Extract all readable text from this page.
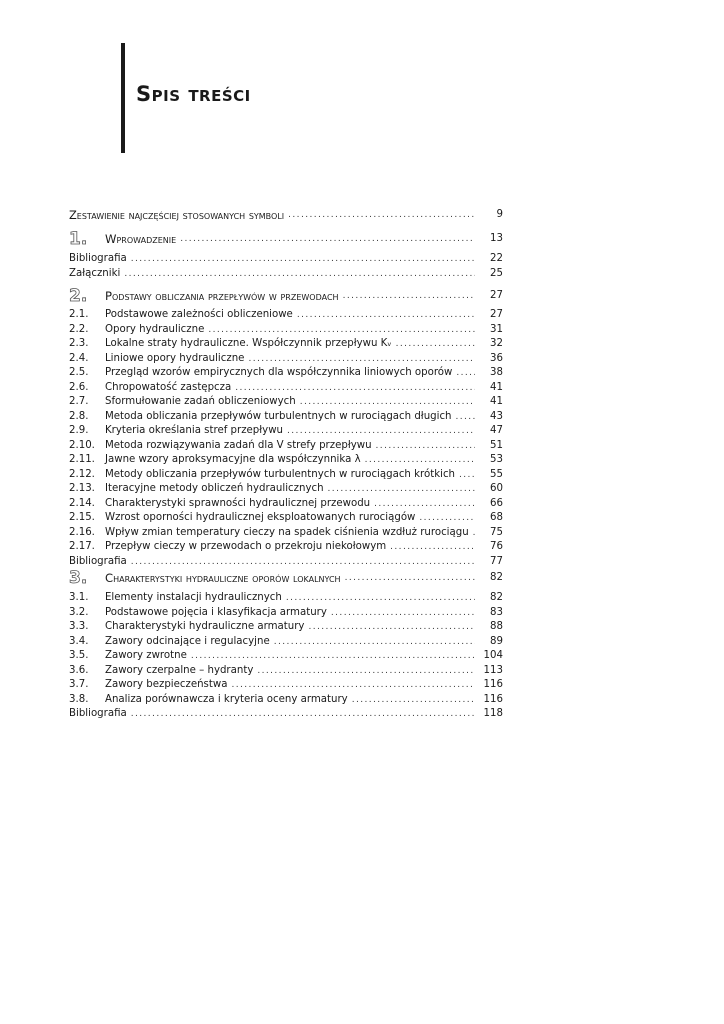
Spis treści
Zestawienie najczęściej stosowanych symboli .....	9
1.	Wprowadzenie .....	13
Bibliografia .....	22
Załączniki .....	25
2.	Podstawy obliczania przepływów w przewodach .....	27
2.1.	Podstawowe zależności obliczeniowe .....	27
2.2.	Opory hydrauliczne .....	31
2.3.	Lokalne straty hydrauliczne. Współczynnik przepływu Kᵥ .....	32
2.4.	Liniowe opory hydrauliczne .....	36
2.5.	Przegląd wzorów empirycznych dla współczynnika liniowych oporów .....	38
2.6.	Chropowatość zastępcza .....	41
2.7.	Sformułowanie zadań obliczeniowych .....	41
2.8.	Metoda obliczania przepływów turbulentnych w rurociągach długich .....	43
2.9.	Kryteria określania stref przepływu .....	47
2.10. Metoda rozwiązywania zadań dla V strefy przepływu .....	51
2.11. Jawne wzory aproksymacyjne dla współczynnika λ .....	53
2.12. Metody obliczania przepływów turbulentnych w rurociągach krótkich .....	55
2.13. Iteracyjne metody obliczeń hydraulicznych .....	60
2.14. Charakterystyki sprawności hydraulicznej przewodu .....	66
2.15. Wzrost oporności hydraulicznej eksploatowanych rurociągów .....	68
2.16. Wpływ zmian temperatury cieczy na spadek ciśnienia wzdłuż rurociągu .....	75
2.17. Przepływ cieczy w przewodach o przekroju niekołowym .....	76
Bibliografia .....	77
3.	Charakterystyki hydrauliczne oporów lokalnych .....	82
3.1.	Elementy instalacji hydraulicznych .....	82
3.2.	Podstawowe pojęcia i klasyfikacja armatury .....	83
3.3.	Charakterystyki hydrauliczne armatury .....	88
3.4.	Zawory odcinające i regulacyjne .....	89
3.5.	Zawory zwrotne .....	104
3.6.	Zawory czerpalne – hydranty .....	113
3.7.	Zawory bezpieczeństwa .....	116
3.8.	Analiza porównawcza i kryteria oceny armatury .....	116
Bibliografia .....	118
